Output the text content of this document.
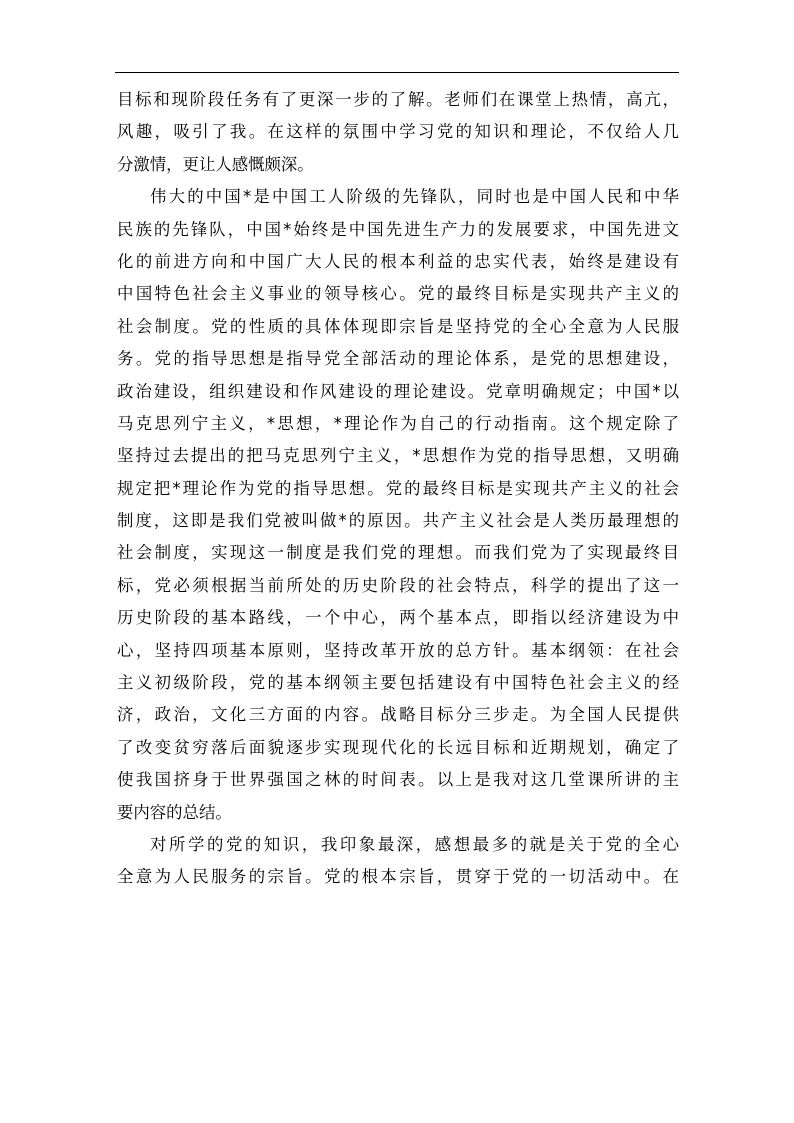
目标和现阶段任务有了更深一步的了解。老师们在课堂上热情，高亢，
风趣，吸引了我。在这样的氛围中学习党的知识和理论，不仅给人几
分激情，更让人感慨颇深。
伟大的中国*是中国工人阶级的先锋队，同时也是中国人民和中华
民族的先锋队，中国*始终是中国先进生产力的发展要求，中国先进文
化的前进方向和中国广大人民的根本利益的忠实代表，始终是建设有
中国特色社会主义事业的领导核心。党的最终目标是实现共产主义的
社会制度。党的性质的具体体现即宗旨是坚持党的全心全意为人民服
务。党的指导思想是指导党全部活动的理论体系，是党的思想建设，
政治建设，组织建设和作风建设的理论建设。党章明确规定；中国*以
马克思列宁主义，*思想，*理论作为自己的行动指南。这个规定除了
坚持过去提出的把马克思列宁主义，*思想作为党的指导思想，又明确
规定把*理论作为党的指导思想。党的最终目标是实现共产主义的社会
制度，这即是我们党被叫做*的原因。共产主义社会是人类历最理想的
社会制度，实现这一制度是我们党的理想。而我们党为了实现最终目
标，党必须根据当前所处的历史阶段的社会特点，科学的提出了这一
历史阶段的基本路线，一个中心，两个基本点，即指以经济建设为中
心，坚持四项基本原则，坚持改革开放的总方针。基本纲领：在社会
主义初级阶段，党的基本纲领主要包括建设有中国特色社会主义的经
济，政治，文化三方面的内容。战略目标分三步走。为全国人民提供
了改变贫穷落后面貌逐步实现现代化的长远目标和近期规划，确定了
使我国挤身于世界强国之林的时间表。以上是我对这几堂课所讲的主
要内容的总结。
对所学的党的知识，我印象最深，感想最多的就是关于党的全心
全意为人民服务的宗旨。党的根本宗旨，贯穿于党的一切活动中。在
